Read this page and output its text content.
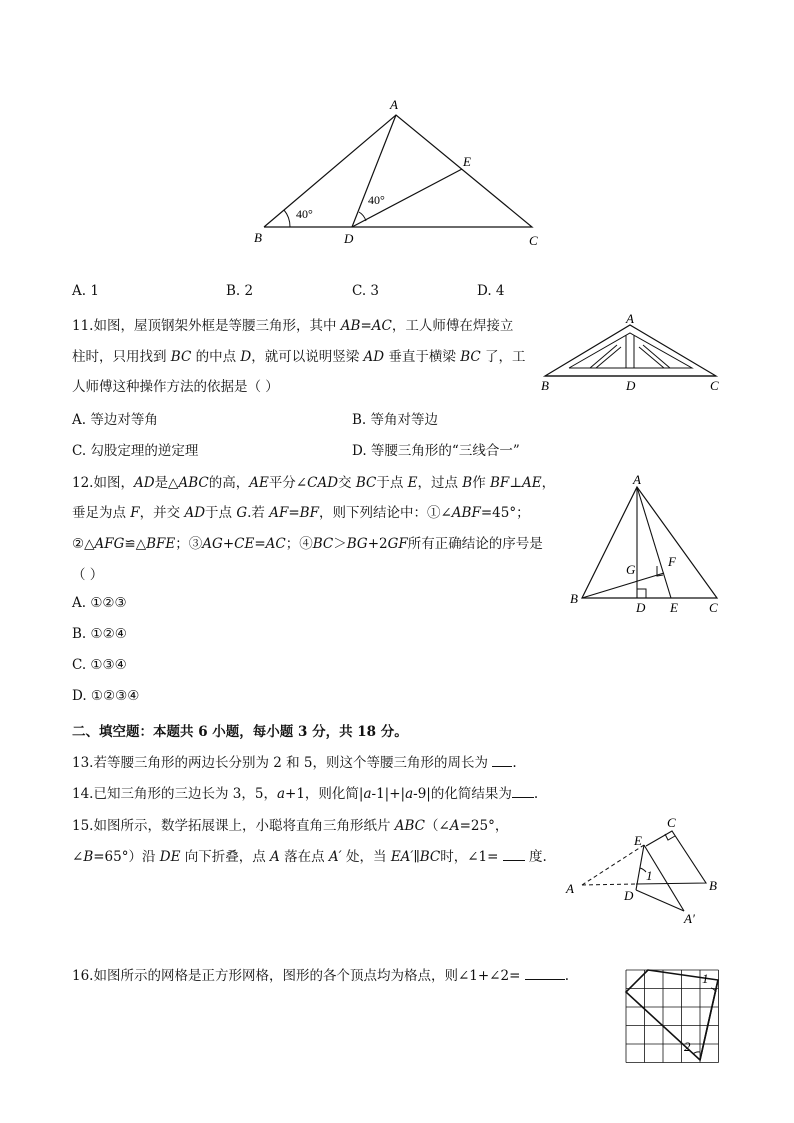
40°
40°
A
B	C
D
E
A. 1	B. 2	C. 3	D. 4
11.如图，屋顶钢架外框是等腰三角形，其中 AB=AC，工人师傅在焊接立
柱时，只用找到 BC 的中点 D，就可以说明竖梁 AD 垂直于横梁 BC 了，工
人师傅这种操作方法的依据是（ ）
A. 等边对等角	B. 等角对等边
C. 勾股定理的逆定理	D. 等腰三角形的“三线合一”
A
B	C
D
12.如图，AD是△ABC的高，AE平分∠CAD交 BC于点 E，过点 B作 BF⊥AE，
垂足为点 F，并交 AD于点 G.若 AF=BF，则下列结论中：①∠ABF=45°；
②△AFG≌△BFE；③AG+CE=AC；④BC＞BG+2GF所有正确结论的序号是
（ ）
A. ①②③
B. ①②④
C. ①③④
D. ①②③④
A
B
C
D E
F
G
二、填空题：本题共 6 小题，每小题 3 分，共 18 分。
13.若等腰三角形的两边长分别为 2 和 5，则这个等腰三角形的周长为 .
14.已知三角形的三边长为 3，5，a+1，则化简|a-1|+|a-9|的化简结果为 .
15.如图所示，数学拓展课上，小聪将直角三角形纸片 ABC（∠A=25°，
∠B=65°）沿 DE 向下折叠，点 A 落在点 A′ 处，当 EA′∥BC时，∠1=  度.
A	B
C
D
E
A′
1
16.如图所示的网格是正方形网格，图形的各个顶点均为格点，则∠1+∠2=	.	1
2
